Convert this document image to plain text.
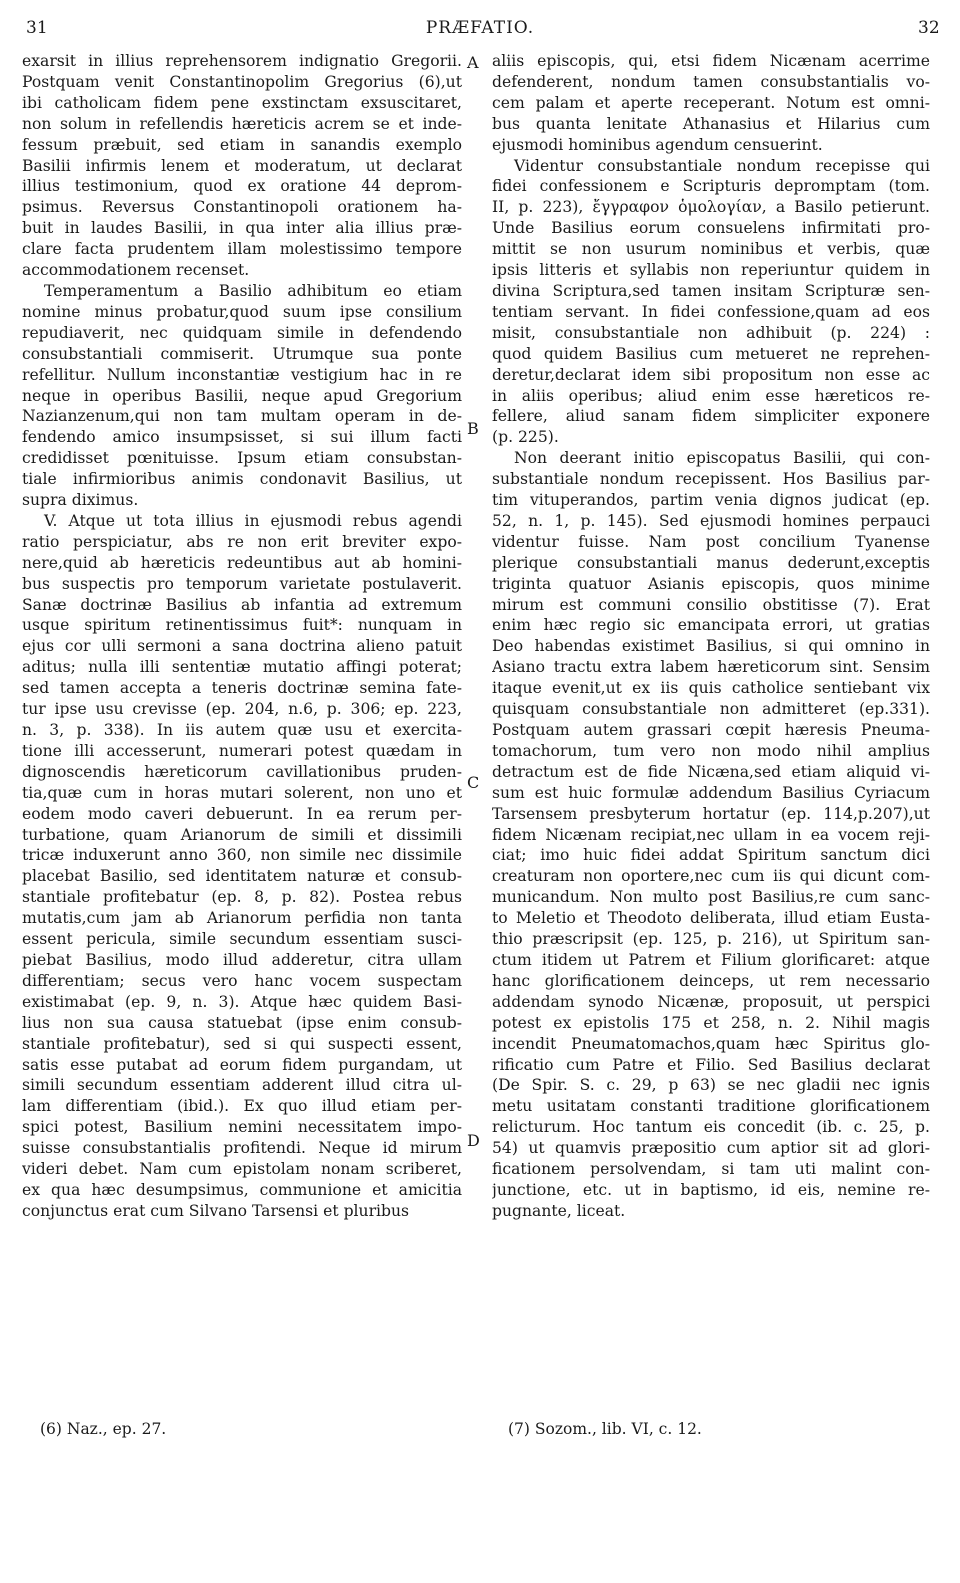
31	PRÆFATIO.	32
A
B
C
D
exarsit in illius reprehensorem indignatio Gregorii.
Postquam venit Constantinopolim Gregorius (6),ut
ibi catholicam fidem pene exstinctam exsuscitaret,
non solum in refellendis hæreticis acrem se et inde-
fessum præbuit, sed etiam in sanandis exemplo
Basilii infirmis lenem et moderatum, ut declarat
illius testimonium, quod ex oratione 44 deprom-
psimus. Reversus Constantinopoli orationem ha-
buit in laudes Basilii, in qua inter alia illius præ-
clare facta prudentem illam molestissimo tempore
accommodationem recenset.
Temperamentum a Basilio adhibitum eo etiam
nomine minus probatur,quod suum ipse consilium
repudiaverit, nec quidquam simile in defendendo
consubstantiali commiserit. Utrumque sua ponte
refellitur. Nullum inconstantiæ vestigium hac in re
neque in operibus Basilii, neque apud Gregorium
Nazianzenum,qui non tam multam operam in de-
fendendo amico insumpsisset, si sui illum facti
credidisset pœnituisse. Ipsum etiam consubstan-
tiale infirmioribus animis condonavit Basilius, ut
supra diximus.
V. Atque ut tota illius in ejusmodi rebus agendi
ratio perspiciatur, abs re non erit breviter expo-
nere,quid ab hæreticis redeuntibus aut ab homini-
bus suspectis pro temporum varietate postulaverit.
Sanæ doctrinæ Basilius ab infantia ad extremum
usque spiritum retinentissimus fuit*: nunquam in
ejus cor ulli sermoni a sana doctrina alieno patuit
aditus; nulla illi sententiæ mutatio affingi poterat;
sed tamen accepta a teneris doctrinæ semina fate-
tur ipse usu crevisse (ep. 204, n.6, p. 306; ep. 223,
n. 3, p. 338). In iis autem quæ usu et exercita-
tione illi accesserunt, numerari potest quædam in
dignoscendis hæreticorum cavillationibus pruden-
tia,quæ cum in horas mutari solerent, non uno et
eodem modo caveri debuerunt. In ea rerum per-
turbatione, quam Arianorum de simili et dissimili
tricæ induxerunt anno 360, non simile nec dissimile
placebat Basilio, sed identitatem naturæ et consub-
stantiale profitebatur (ep. 8, p. 82). Postea rebus
mutatis,cum jam ab Arianorum perfidia non tanta
essent pericula, simile secundum essentiam susci-
piebat Basilius, modo illud adderetur, citra ullam
differentiam; secus vero hanc vocem suspectam
existimabat (ep. 9, n. 3). Atque hæc quidem Basi-
lius non sua causa statuebat (ipse enim consub-
stantiale profitebatur), sed si qui suspecti essent,
satis esse putabat ad eorum fidem purgandam, ut
simili secundum essentiam adderent illud citra ul-
lam differentiam (ibid.). Ex quo illud etiam per-
spici potest, Basilium nemini necessitatem impo-
suisse consubstantialis profitendi. Neque id mirum
videri debet. Nam cum epistolam nonam scriberet,
ex qua hæc desumpsimus, communione et amicitia
conjunctus erat cum Silvano Tarsensi et pluribus
aliis episcopis, qui, etsi fidem Nicænam acerrime
defenderent, nondum tamen consubstantialis vo-
cem palam et aperte receperant. Notum est omni-
bus quanta lenitate Athanasius et Hilarius cum
ejusmodi hominibus agendum censuerint.
Videntur consubstantiale nondum recepisse qui
fidei confessionem e Scripturis depromptam (tom.
II, p. 223), ἔγγραφον ὁμολογίαν, a Basilo petierunt.
Unde Basilius eorum consuelens infirmitati pro-
mittit se non usurum nominibus et verbis, quæ
ipsis litteris et syllabis non reperiuntur quidem in
divina Scriptura,sed tamen insitam Scripturæ sen-
tentiam servant. In fidei confessione,quam ad eos
misit, consubstantiale non adhibuit (p. 224) :
quod quidem Basilius cum metueret ne reprehen-
deretur,declarat idem sibi propositum non esse ac
in aliis operibus; aliud enim esse hæreticos re-
fellere, aliud sanam fidem simpliciter exponere
(p. 225).
Non deerant initio episcopatus Basilii, qui con-
substantiale nondum recepissent. Hos Basilius par-
tim vituperandos, partim venia dignos judicat (ep.
52, n. 1, p. 145). Sed ejusmodi homines perpauci
videntur fuisse. Nam post concilium Tyanense
plerique consubstantiali manus dederunt,exceptis
triginta quatuor Asianis episcopis, quos minime
mirum est communi consilio obstitisse (7). Erat
enim hæc regio sic emancipata errori, ut gratias
Deo habendas existimet Basilius, si qui omnino in
Asiano tractu extra labem hæreticorum sint. Sensim
itaque evenit,ut ex iis quis catholice sentiebant vix
quisquam consubstantiale non admitteret (ep.331).
Postquam autem grassari cœpit hæresis Pneuma-
tomachorum, tum vero non modo nihil amplius
detractum est de fide Nicæna,sed etiam aliquid vi-
sum est huic formulæ addendum Basilius Cyriacum
Tarsensem presbyterum hortatur (ep. 114,p.207),ut
fidem Nicænam recipiat,nec ullam in ea vocem reji-
ciat; imo huic fidei addat Spiritum sanctum dici
creaturam non oportere,nec cum iis qui dicunt com-
municandum. Non multo post Basilius,re cum sanc-
to Meletio et Theodoto deliberata, illud etiam Eusta-
thio præscripsit (ep. 125, p. 216), ut Spiritum san-
ctum itidem ut Patrem et Filium glorificaret: atque
hanc glorificationem deinceps, ut rem necessario
addendam synodo Nicænæ, proposuit, ut perspici
potest ex epistolis 175 et 258, n. 2. Nihil magis
incendit Pneumatomachos,quam hæc Spiritus glo-
rificatio cum Patre et Filio. Sed Basilius declarat
(De Spir. S. c. 29, p 63) se nec gladii nec ignis
metu usitatam constanti traditione glorificationem
relicturum. Hoc tantum eis concedit (ib. c. 25, p.
54) ut quamvis præpositio cum aptior sit ad glori-
ficationem persolvendam, si tam uti malint con-
junctione, etc. ut in baptismo, id eis, nemine re-
pugnante, liceat.
(6) Naz., ep. 27.	(7) Sozom., lib. VI, c. 12.
